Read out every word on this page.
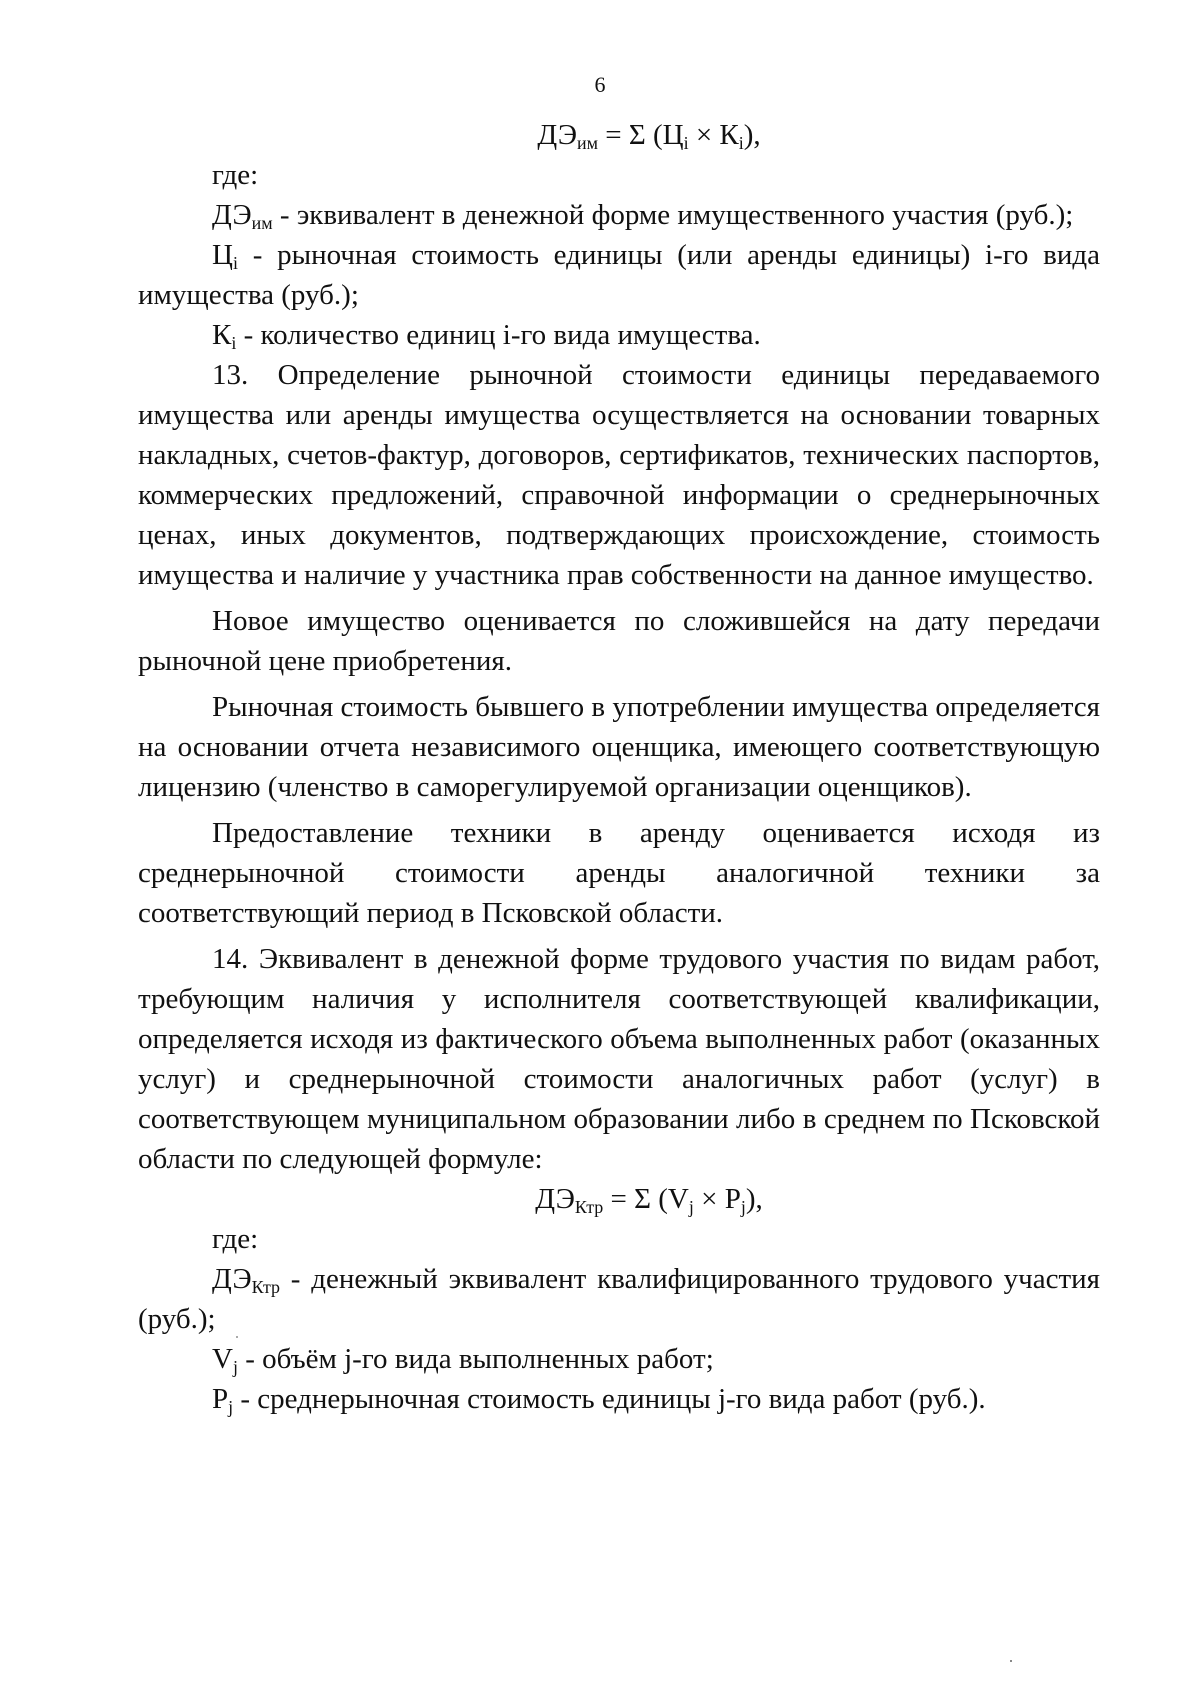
6

$ДЭ_{им} = \Sigma$ $(Ц_i \times К_i)$,

где:

$ДЭ_{им}$ - эквивалент в денежной форме имущественного участия (руб.);

$Ц_i$ - рыночная стоимость единицы (или аренды единицы) i-го вида имущества (руб.);

$К_i$ - количество единиц i-го вида имущества.

13. Определение рыночной стоимости единицы передаваемого имущества или аренды имущества осуществляется на основании товарных накладных, счетов-фактур, договоров, сертификатов, технических паспортов, коммерческих предложений, справочной информации о среднерыночных ценах, иных документов, подтверждающих происхождение, стоимость имущества и наличие у участника прав собственности на данное имущество.

Новое имущество оценивается по сложившейся на дату передачи рыночной цене приобретения.

Рыночная стоимость бывшего в употреблении имущества определяется на основании отчета независимого оценщика, имеющего соответствующую лицензию (членство в саморегулируемой организации оценщиков).

Предоставление техники в аренду оценивается исходя из среднерыночной стоимости аренды аналогичной техники за соответствующий период в Псковской области.

14. Эквивалент в денежной форме трудового участия по видам работ, требующим наличия у исполнителя соответствующей квалификации, определяется исходя из фактического объема выполненных работ (оказанных услуг) и среднерыночной стоимости аналогичных работ (услуг) в соответствующем муниципальном образовании либо в среднем по Псковской области по следующей формуле:

$ДЭ_{Ктр} = \Sigma$ $(V_j \times P_j)$,

где:

$ДЭ_{Ктр}$ - денежный эквивалент квалифицированного трудового участия (руб.);

$V_j$ - объём j-го вида выполненных работ;

$P_j$ - среднерыночная стоимость единицы j-го вида работ (руб.).
